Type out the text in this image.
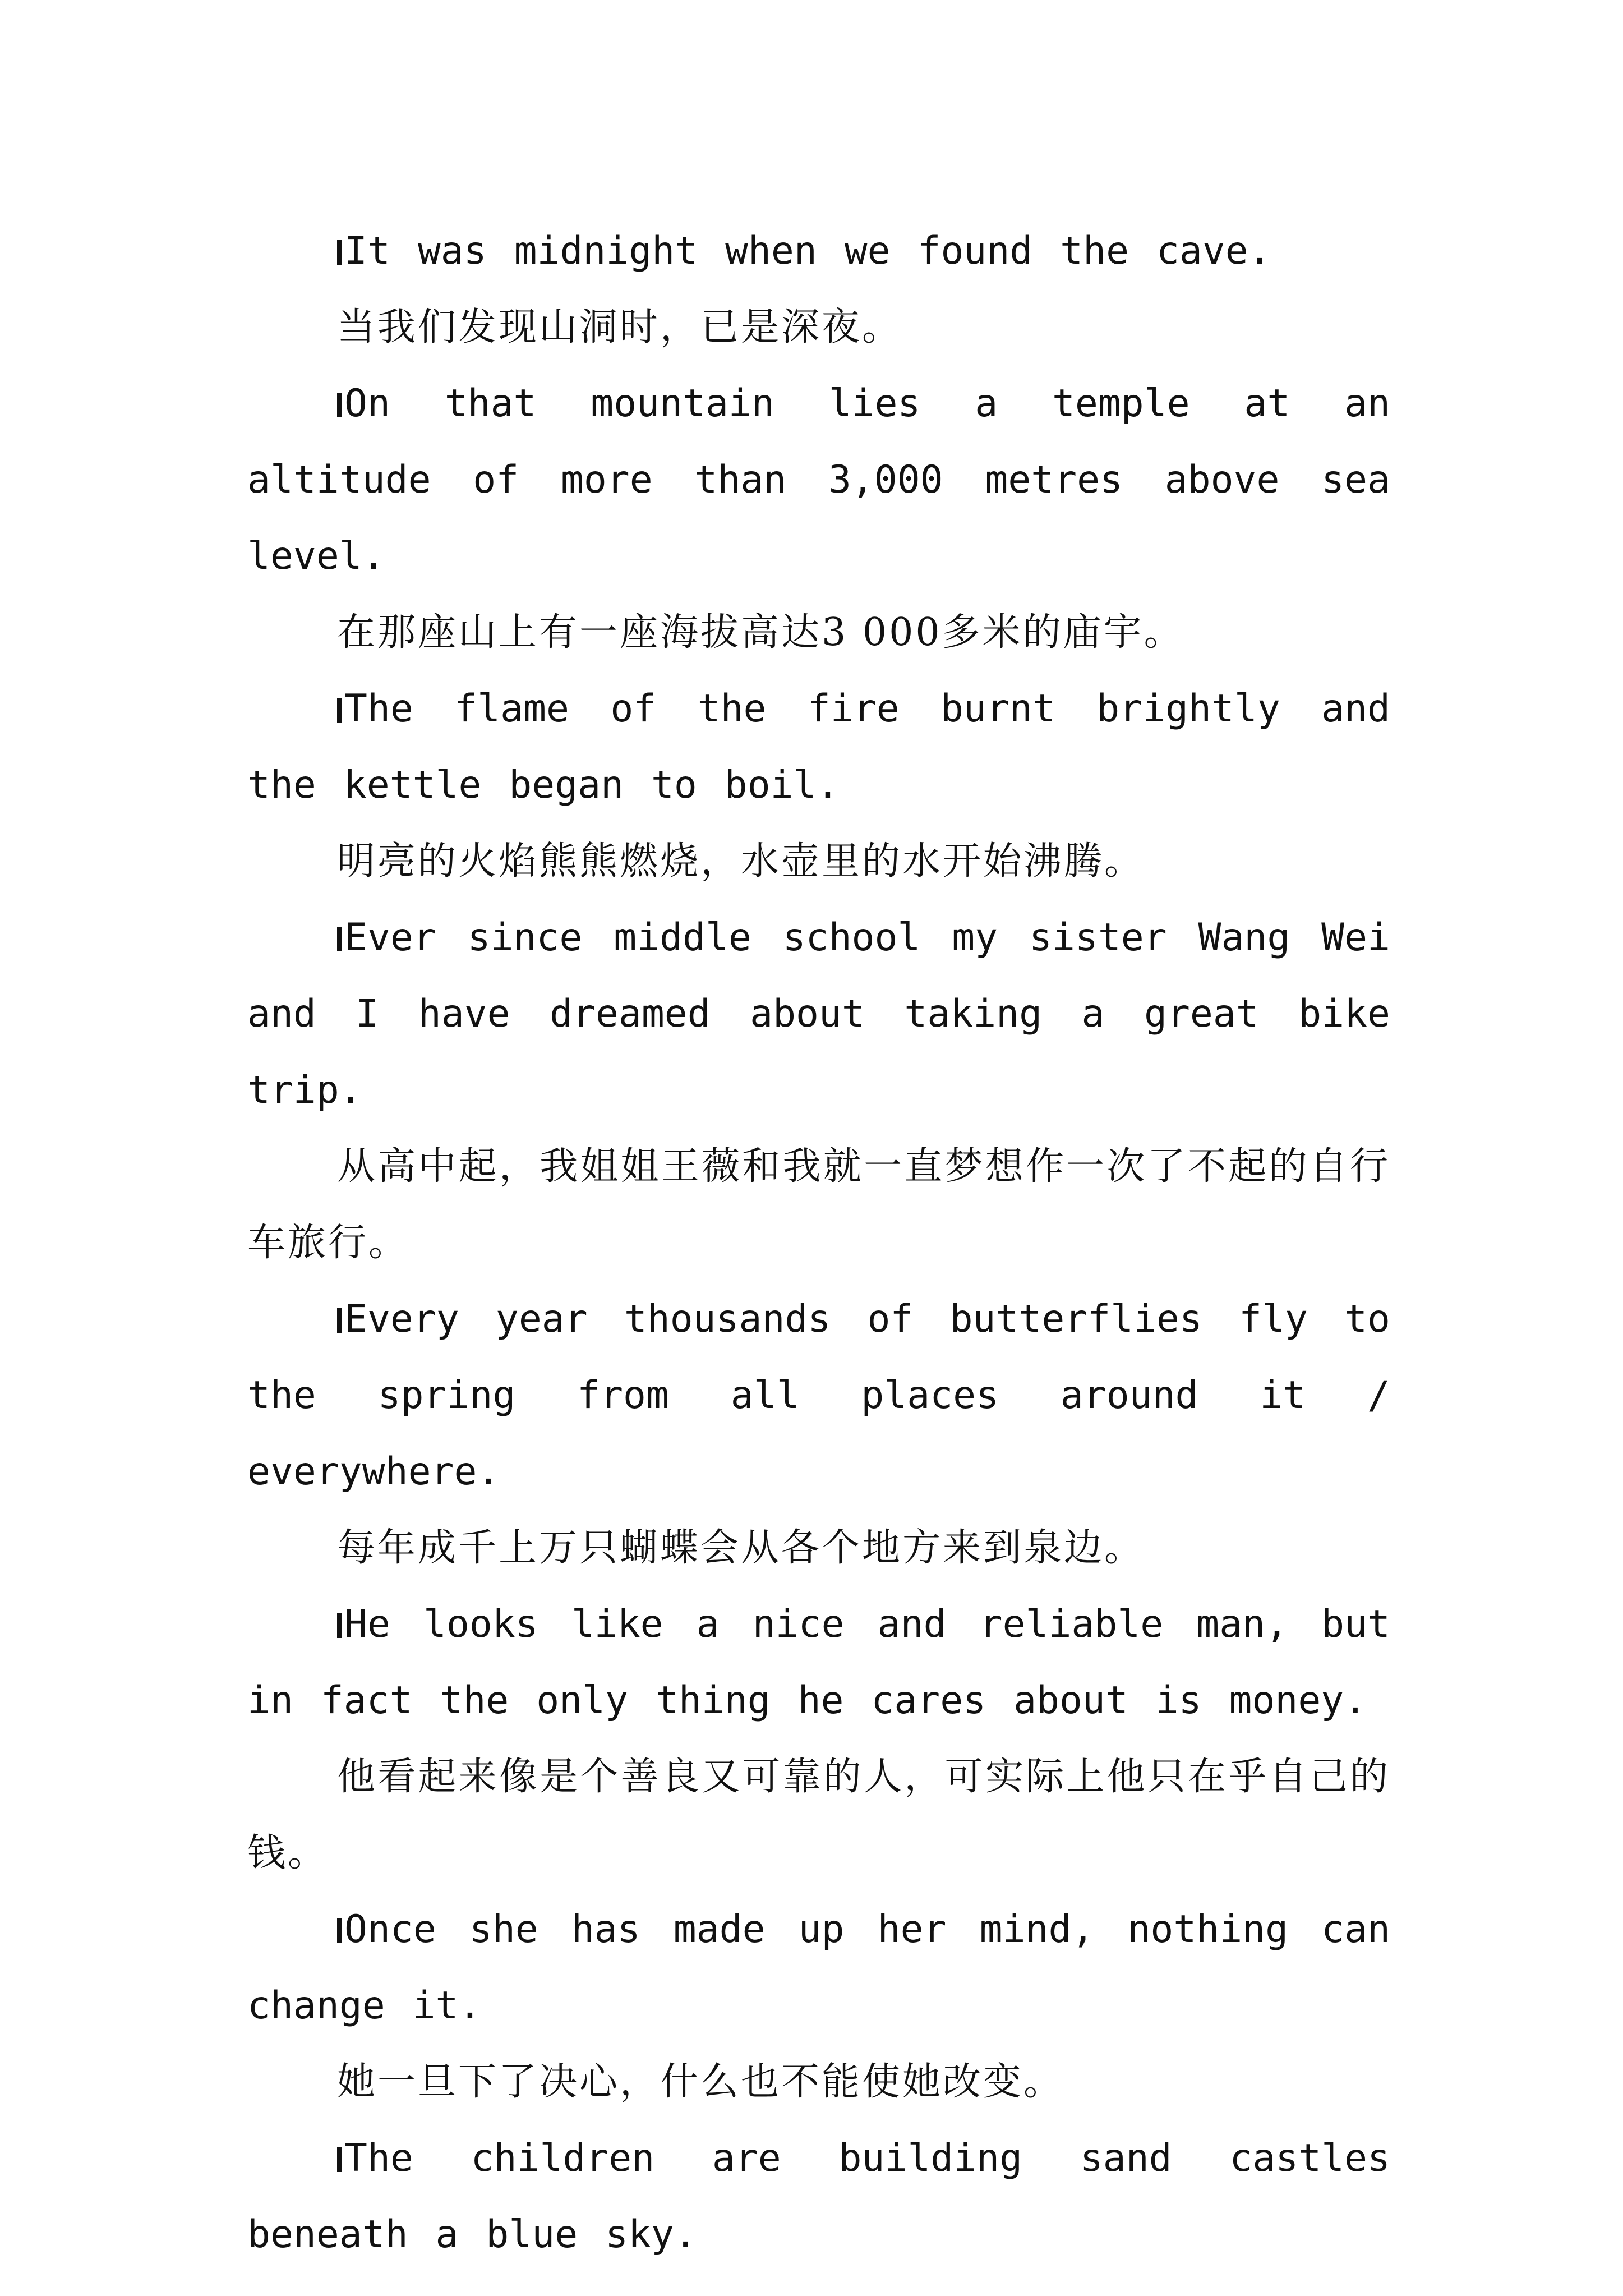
It was midnight when we found the cave.

当我们发现山洞时，已是深夜。

On that mountain lies a temple at an altitude of more than 3,000 metres above sea level.

在那座山上有一座海拔高达3 000多米的庙宇。

The flame of the fire burnt brightly and the kettle began to boil.

明亮的火焰熊熊燃烧，水壶里的水开始沸腾。

Ever since middle school my sister Wang Wei and I have dreamed about taking a great bike trip.

从高中起，我姐姐王薇和我就一直梦想作一次了不起的自行车旅行。

Every year thousands of butterflies fly to the spring from all places around it / everywhere.

每年成千上万只蝴蝶会从各个地方来到泉边。

He looks like a nice and reliable man, but in fact the only thing he cares about is money.

他看起来像是个善良又可靠的人，可实际上他只在乎自己的钱。

Once she has made up her mind, nothing can change it.

她一旦下了决心，什么也不能使她改变。

The children are building sand castles beneath a blue sky.
